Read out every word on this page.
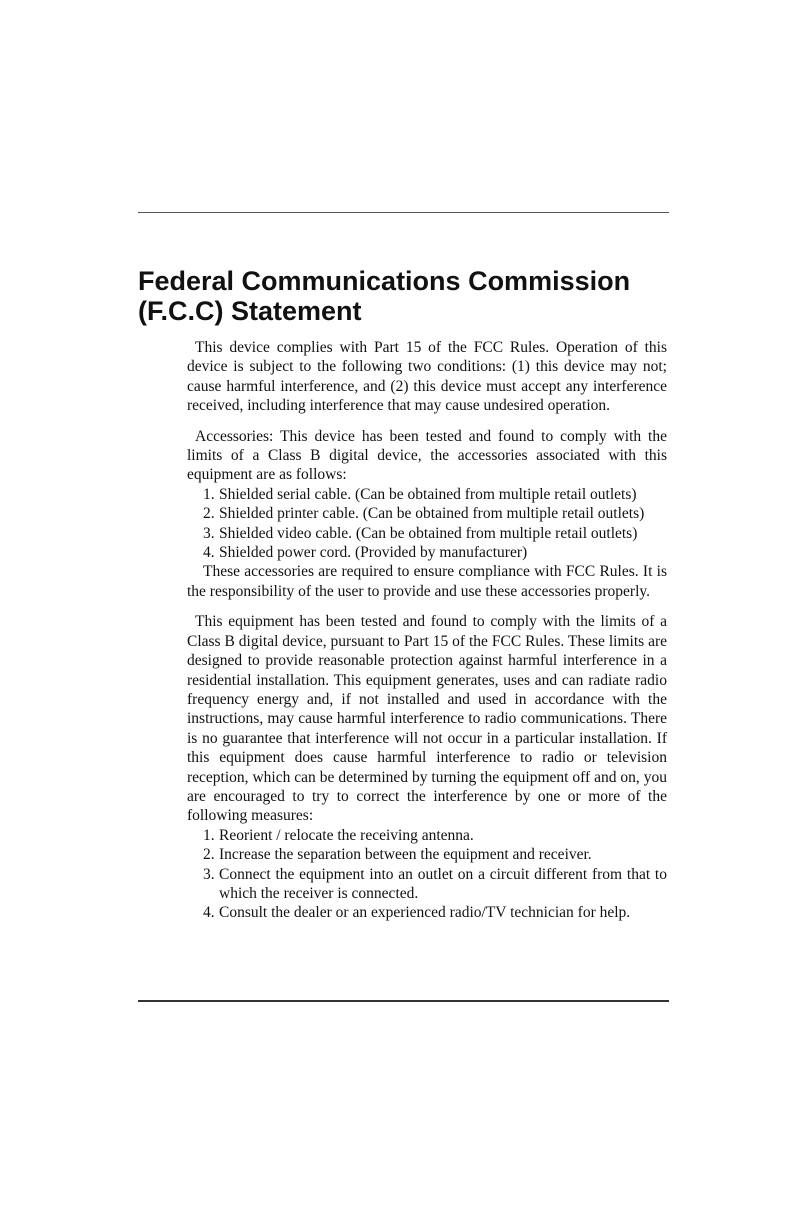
Federal Communications Commission
(F.C.C) Statement

This device complies with Part 15 of the FCC Rules. Operation of this device is subject to the following two conditions: (1) this device may not; cause harmful interference, and (2) this device must accept any interference received, including interference that may cause undesired operation.

Accessories: This device has been tested and found to comply with the limits of a Class B digital device, the accessories associated with this equipment are as follows:

1. Shielded serial cable. (Can be obtained from multiple retail outlets)
2. Shielded printer cable. (Can be obtained from multiple retail outlets)
3. Shielded video cable. (Can be obtained from multiple retail outlets)
4. Shielded power cord. (Provided by manufacturer)

These accessories are required to ensure compliance with FCC Rules. It is the responsibility of the user to provide and use these accessories properly.

This equipment has been tested and found to comply with the limits of a Class B digital device, pursuant to Part 15 of the FCC Rules. These limits are designed to provide reasonable protection against harmful interference in a residential installation. This equipment generates, uses and can radiate radio frequency energy and, if not installed and used in accordance with the instructions, may cause harmful interference to radio communications. There is no guarantee that interference will not occur in a particular installation. If this equipment does cause harmful interference to radio or television reception, which can be determined by turning the equipment off and on, you are encouraged to try to correct the interference by one or more of the following measures:

1. Reorient / relocate the receiving antenna.
2. Increase the separation between the equipment and receiver.
3. Connect the equipment into an outlet on a circuit different from that to which the receiver is connected.
4. Consult the dealer or an experienced radio/TV technician for help.
